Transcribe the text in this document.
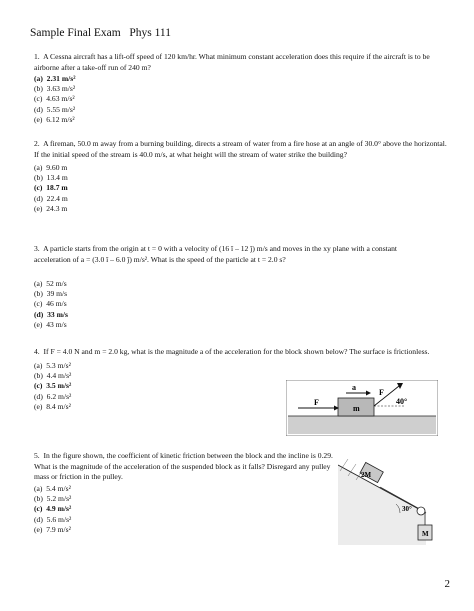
Sample Final Exam   Phys 111
1. A Cessna aircraft has a lift-off speed of 120 km/hr. What minimum constant acceleration does this require if the aircraft is to be airborne after a take-off run of 240 m?
(a) 2.31 m/s²
(b) 3.63 m/s²
(c) 4.63 m/s²
(d) 5.55 m/s²
(e) 6.12 m/s²
2. A fireman, 50.0 m away from a burning building, directs a stream of water from a fire hose at an angle of 30.0° above the horizontal. If the initial speed of the stream is 40.0 m/s, at what height will the stream of water strike the building?
(a) 9.60 m
(b) 13.4 m
(c) 18.7 m
(d) 22.4 m
(e) 24.3 m
3. A particle starts from the origin at t = 0 with a velocity of (16 î – 12 ĵ) m/s and moves in the xy plane with a constant
acceleration of a = (3.0 î – 6.0 ĵ) m/s². What is the speed of the particle at t = 2.0 s?
(a) 52 m/s
(b) 39 m/s
(c) 46 m/s
(d) 33 m/s
(e) 43 m/s
4. If F = 4.0 N and m = 2.0 kg, what is the magnitude a of the acceleration for the block shown below? The surface is frictionless.
(a) 5.3 m/s²
(b) 4.4 m/s²
(c) 3.5 m/s²
(d) 6.2 m/s²
(e) 8.4 m/s²	m
a
F
F
40°
5. In the figure shown, the coefficient of kinetic friction between the block and the incline is 0.29. What is the magnitude of the acceleration of the suspended block as it falls? Disregard any pulley mass or friction in the pulley.
(a) 5.4 m/s²
(b) 5.2 m/s²
(c) 4.9 m/s²
(d) 5.6 m/s²
(e) 7.9 m/s²
2M
M
30°
2
